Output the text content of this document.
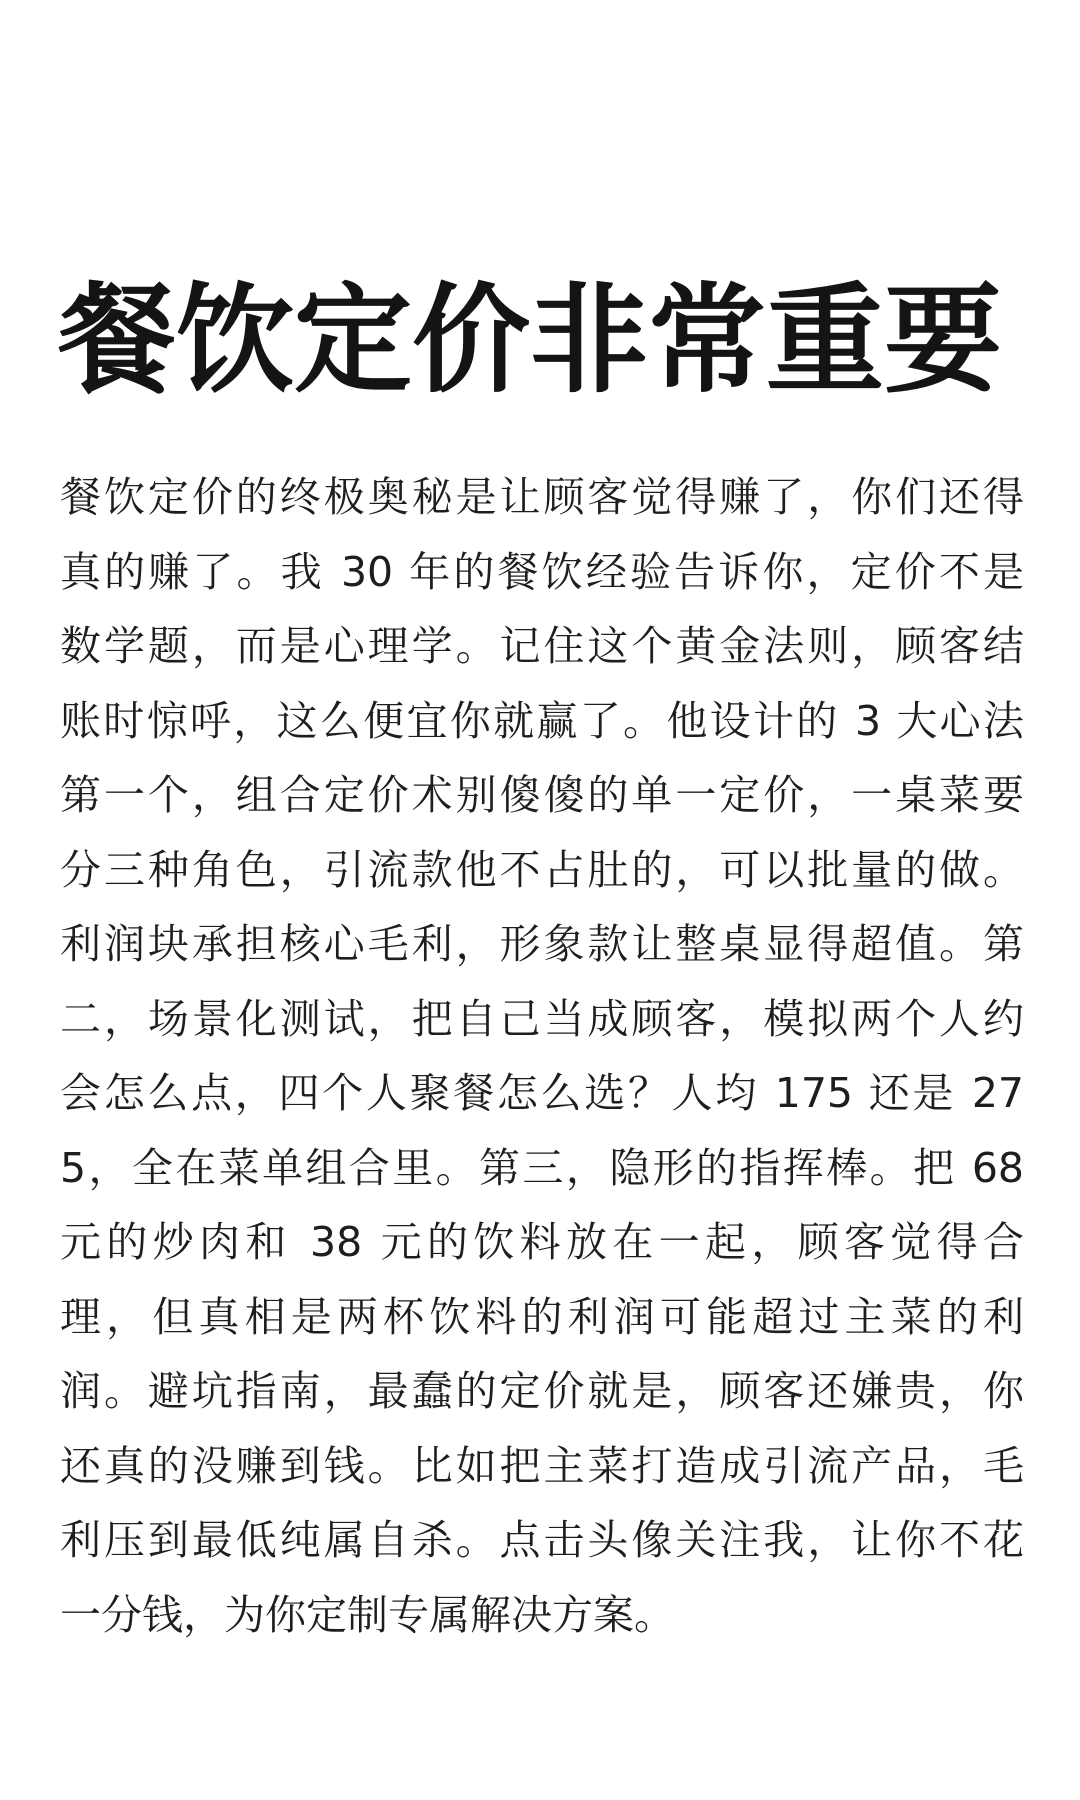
餐饮定价非常重要
餐饮定价的终极奥秘是让顾客觉得赚了，你们还得
真的赚了。我 30 年的餐饮经验告诉你，定价不是
数学题，而是心理学。记住这个黄金法则，顾客结
账时惊呼，这么便宜你就赢了。他设计的 3 大心法
第一个，组合定价术别傻傻的单一定价，一桌菜要
分三种角色，引流款他不占肚的，可以批量的做。
利润块承担核心毛利，形象款让整桌显得超值。第
二，场景化测试，把自己当成顾客，模拟两个人约
会怎么点，四个人聚餐怎么选？人均 175 还是 27
5，全在菜单组合里。第三，隐形的指挥棒。把 68
元的炒肉和 38 元的饮料放在一起，顾客觉得合
理，但真相是两杯饮料的利润可能超过主菜的利
润。避坑指南，最蠢的定价就是，顾客还嫌贵，你
还真的没赚到钱。比如把主菜打造成引流产品，毛
利压到最低纯属自杀。点击头像关注我，让你不花
一分钱，为你定制专属解决方案。
